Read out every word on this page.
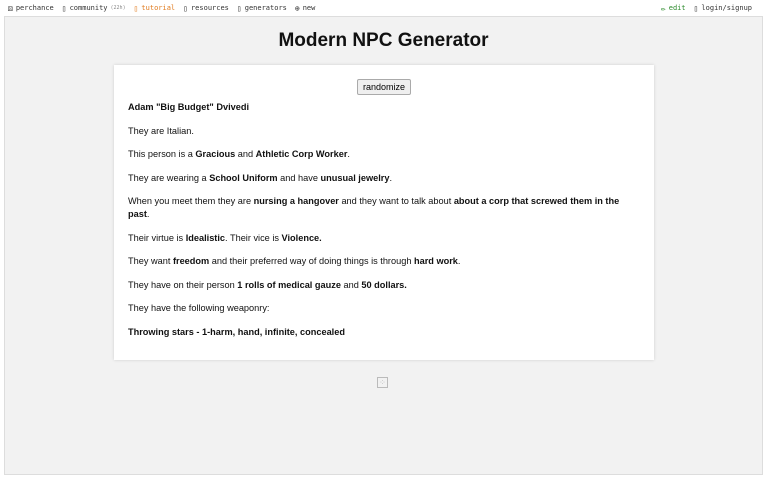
⚄ perchance ▯ community (22h) ▯ tutorial ▯ resources ▯ generators ⊕ new	✏ edit ▯ login/signup
Modern NPC Generator
randomize

Adam "Big Budget" Dvivedi

They are Italian.

This person is a Gracious and Athletic Corp Worker.

They are wearing a School Uniform and have unusual jewelry.

When you meet them they are nursing a hangover and they want to talk about about a corp that screwed them in the past.

Their virtue is Idealistic. Their vice is Violence.

They want freedom and their preferred way of doing things is through hard work.

They have on their person 1 rolls of medical gauze and 50 dollars.

They have the following weaponry:

Throwing stars - 1-harm, hand, infinite, concealed

⁘
